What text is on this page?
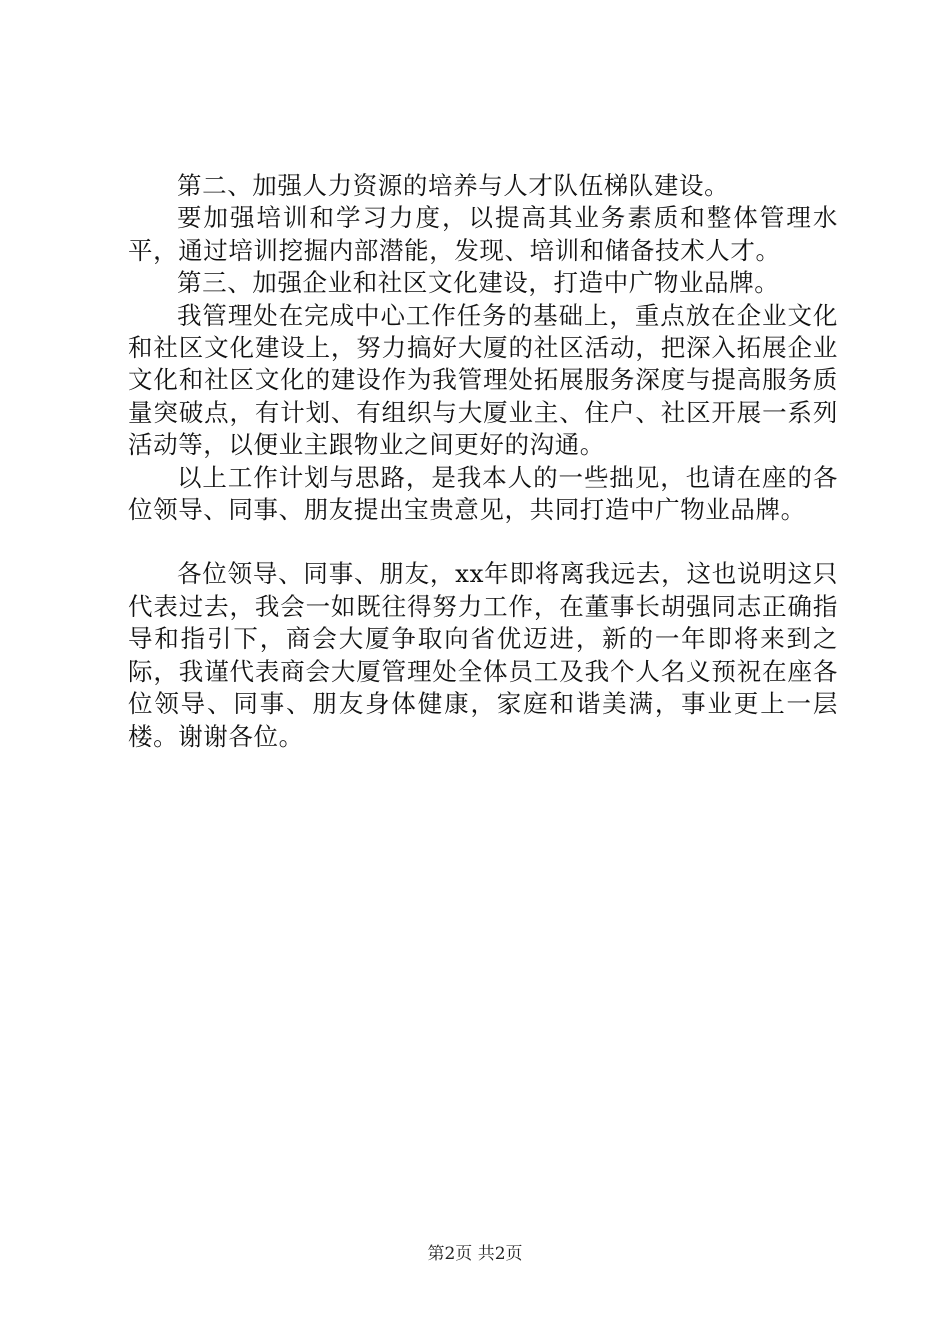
第二、加强人力资源的培养与人才队伍梯队建设。

要加强培训和学习力度，以提高其业务素质和整体管理水平，通过培训挖掘内部潜能，发现、培训和储备技术人才。

第三、加强企业和社区文化建设，打造中广物业品牌。

我管理处在完成中心工作任务的基础上，重点放在企业文化和社区文化建设上，努力搞好大厦的社区活动，把深入拓展企业文化和社区文化的建设作为我管理处拓展服务深度与提高服务质量突破点，有计划、有组织与大厦业主、住户、社区开展一系列活动等，以便业主跟物业之间更好的沟通。

以上工作计划与思路，是我本人的一些拙见，也请在座的各位领导、同事、朋友提出宝贵意见，共同打造中广物业品牌。

各位领导、同事、朋友，xx年即将离我远去，这也说明这只代表过去，我会一如既往得努力工作，在董事长胡强同志正确指导和指引下，商会大厦争取向省优迈进，新的一年即将来到之际，我谨代表商会大厦管理处全体员工及我个人名义预祝在座各位领导、同事、朋友身体健康，家庭和谐美满，事业更上一层楼。谢谢各位。

第2页 共2页
